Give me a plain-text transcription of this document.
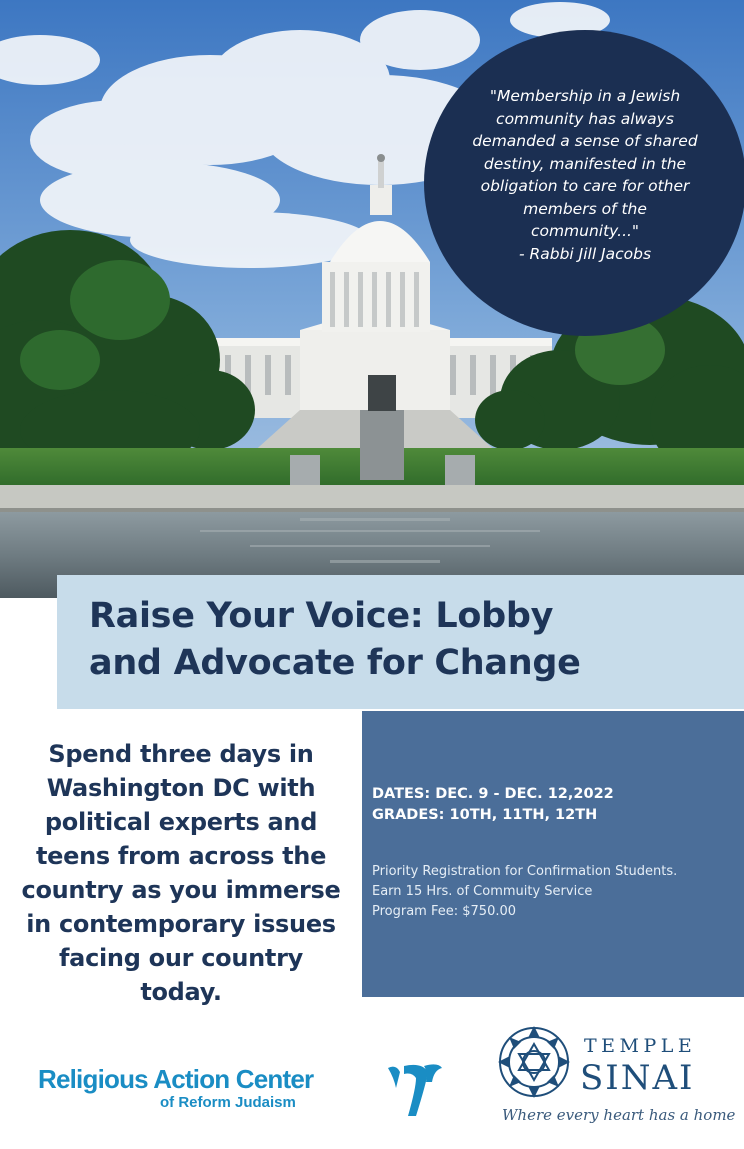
"Membership in a Jewish
community has always
demanded a sense of shared
destiny, manifested in the
obligation to care for other
members of the
community..."
- Rabbi Jill Jacobs
Raise Your Voice: Lobby
and Advocate for Change

Spend three days in
Washington DC with
political experts and
teens from across the
country as you immerse
in contemporary issues
facing our country
today.

DATES: DEC. 9 - DEC. 12,2022
GRADES: 10TH, 11TH, 12TH
Priority Registration for Confirmation Students.
Earn 15 Hrs. of Commuity Service
Program Fee: $750.00
Religious Action Center
of Reform Judaism
TEMPLE
SINAI
Where every heart has a home
